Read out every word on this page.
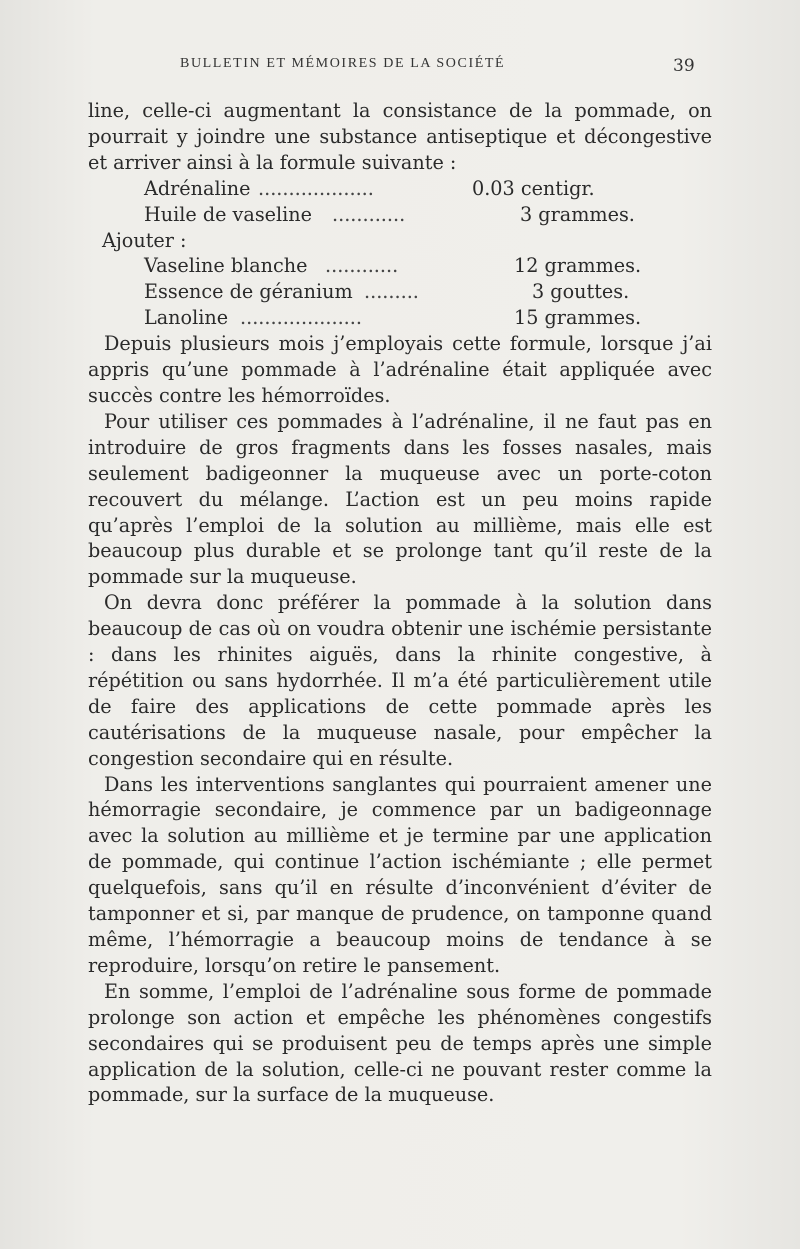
BULLETIN ET MÉMOIRES DE LA SOCIÉTÉ	39

line, celle-ci augmentant la consistance de la pommade, on pourrait y joindre une substance antiseptique et décongestive et arriver ainsi à la formule suivante :

Adrénaline ...................	0.03 centigr.
Huile de vaseline	............	3 grammes.
Ajouter :
Vaseline blanche ............	12 grammes.
Essence de géranium .........	3 gouttes.
Lanoline ....................	15 grammes.

Depuis plusieurs mois j’employais cette formule, lorsque j’ai appris qu’une pommade à l’adrénaline était appliquée avec succès contre les hémorroïdes.

Pour utiliser ces pommades à l’adrénaline, il ne faut pas en introduire de gros fragments dans les fosses nasales, mais seulement badigeonner la muqueuse avec un porte-coton recouvert du mélange. L’action est un peu moins rapide qu’après l’emploi de la solution au millième, mais elle est beaucoup plus durable et se prolonge tant qu’il reste de la pommade sur la muqueuse.

On devra donc préférer la pommade à la solution dans beaucoup de cas où on voudra obtenir une ischémie persistante : dans les rhinites aiguës, dans la rhinite congestive, à répétition ou sans hydorrhée. Il m’a été particulièrement utile de faire des applications de cette pommade après les cautérisations de la muqueuse nasale, pour empêcher la congestion secondaire qui en résulte.

Dans les interventions sanglantes qui pourraient amener une hémorragie secondaire, je commence par un badigeonnage avec la solution au millième et je termine par une application de pommade, qui continue l’action ischémiante ; elle permet quelquefois, sans qu’il en résulte d’inconvénient d’éviter de tamponner et si, par manque de prudence, on tamponne quand même, l’hémorragie a beaucoup moins de tendance à se reproduire, lorsqu’on retire le pansement.

En somme, l’emploi de l’adrénaline sous forme de pommade prolonge son action et empêche les phénomènes congestifs secondaires qui se produisent peu de temps après une simple application de la solution, celle-ci ne pouvant rester comme la pommade, sur la surface de la muqueuse.
